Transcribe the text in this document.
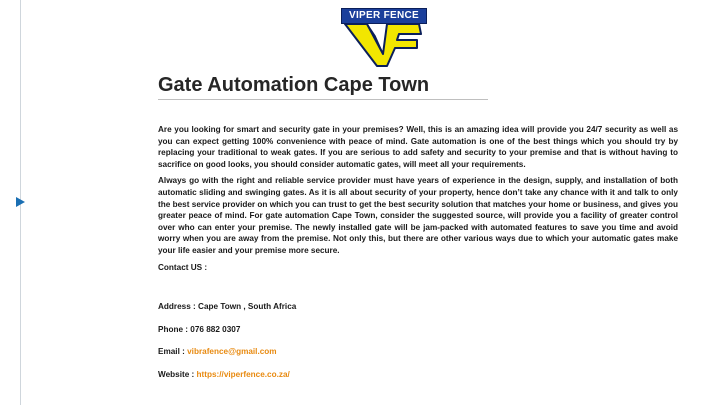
VIPER FENCE
Gate Automation Cape Town

Are you looking for smart and security gate in your premises? Well, this is an amazing idea will provide you 24/7 security as well as you can expect getting 100% convenience with peace of mind. Gate automation is one of the best things which you should try by replacing your traditional to weak gates. If you are serious to add safety and security to your premise and that is without having to sacrifice on good looks, you should consider automatic gates, will meet all your requirements.

Always go with the right and reliable service provider must have years of experience in the design, supply, and installation of both automatic sliding and swinging gates. As it is all about security of your property, hence don’t take any chance with it and talk to only the best service provider on which you can trust to get the best security solution that matches your home or business, and gives you greater peace of mind. For gate automation Cape Town, consider the suggested source, will provide you a facility of greater control over who can enter your premise. The newly installed gate will be jam-packed with automated features to save you time and avoid worry when you are away from the premise. Not only this, but there are other various ways due to which your automatic gates make your life easier and your premise more secure.

Contact US :

Address : Cape Town , South Africa

Phone : 076 882 0307

Email : vibrafence@gmail.com

Website : https://viperfence.co.za/
